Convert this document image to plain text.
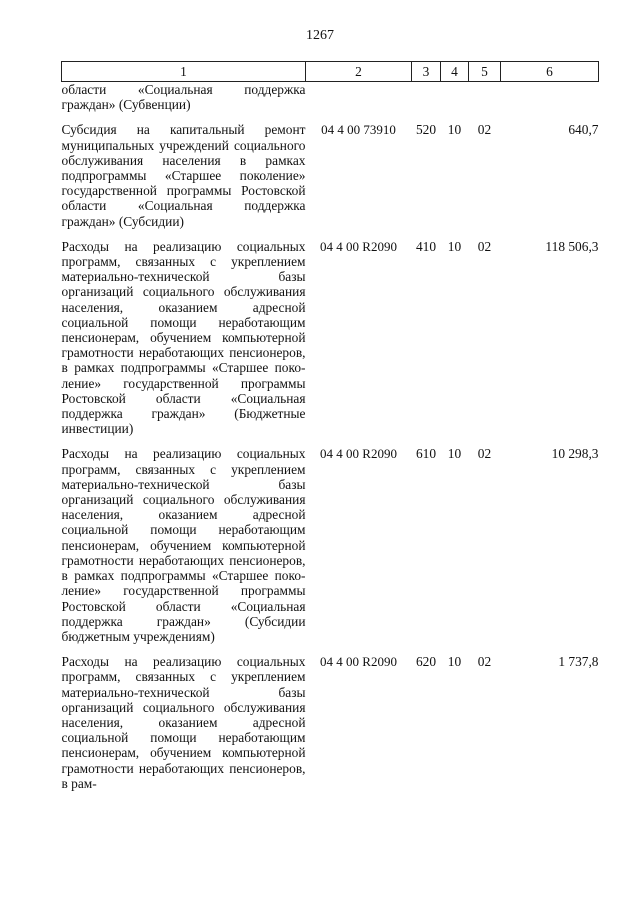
1267
1	2	3	4	5	6
области «Социальная поддержка граждан» (Субвенции)					
Субсидия на капитальный ремонт муниципальных учреждений социального обслуживания населения в рамках подпрограммы «Старшее поколение» государственной программы Ростовской области «Социальная поддержка граждан» (Субсидии)	04 4 00 73910	520	10	02	640,7
Расходы на реализацию социальных программ, связанных с укреплением материально-технической базы организаций социального обслуживания населения, оказанием адресной социальной помощи неработающим пенсионерам, обучением компьютерной грамотности неработающих пенсионеров, в рамках подпрограммы «Старшее поколение» государственной программы Ростовской области «Социальная поддержка граждан» (Бюджетные инвестиции)	04 4 00 R2090	410	10	02	118 506,3
Расходы на реализацию социальных программ, связанных с укреплением материально-технической базы организаций социального обслуживания населения, оказанием адресной социальной помощи неработающим пенсионерам, обучением компьютерной грамотности неработающих пенсионеров, в рамках подпрограммы «Старшее поколение» государственной программы Ростовской области «Социальная поддержка граждан» (Субсидии бюджетным учреждениям)	04 4 00 R2090	610	10	02	10 298,3
Расходы на реализацию социальных программ, связанных с укреплением материально-технической базы организаций социального обслуживания населения, оказанием адресной социальной помощи неработающим пенсионерам, обучением компьютерной грамотности неработающих пенсионеров, в рам-	04 4 00 R2090	620	10	02	1 737,8
